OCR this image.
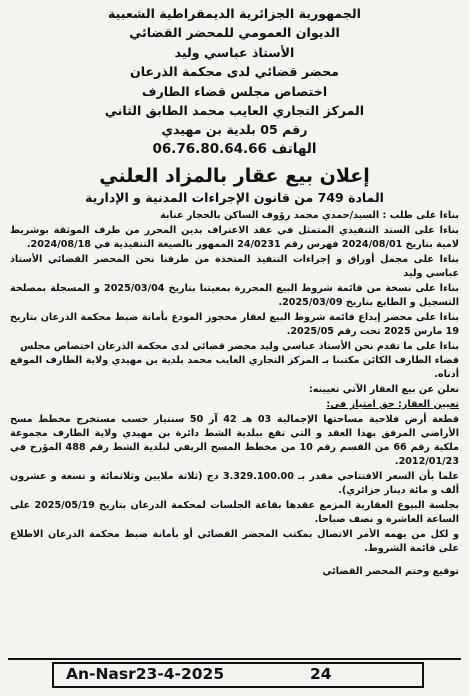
الجمهورية الجزائرية الديمقراطية الشعبية
الديوان العمومي للمحضر القضائي
الأستاذ عباسي وليد
محضر قضائي لدى محكمة الذرعان
اختصاص مجلس قضاء الطارف
المركز التجاري العايب محمد الطابق الثاني
رقم 05 بلدية بن مهيدي
الهاتف 06.76.80.64.66
إعلان بيع عقار بالمزاد العلني
المادة 749 من قانون الإجراءات المدنية و الإدارية

بناءا على طلب : السيد/حمدي محمد رؤوف الساكن بالحجار عنابة

بناءا على السند التنفيذي المتمثل في عقد الاعتراف بدين المحرر من طرف الموثقة بوشريط لامية بتاريخ 2024/08/01 فهرس رقم 24/0231 الممهور بالصيغة التنفيذية في 2024/08/18.

بناءا على مجمل أوراق و إجراءات التنفيذ المتخذة من طرفنا نحن المحضر القضائي الأستاذ عباسي وليد

بناءا على نسخة من قائمة شروط البيع المحررة بمعيتنا بتاريخ 2025/03/04 و المسجلة بمصلحة التسجيل و الطابع بتاريخ 2025/03/09.

بناءا على محضر إيداع قائمة شروط البيع لعقار محجوز المودع بأمانة ضبط محكمة الذرعان بتاريخ 19 مارس 2025 تحت رقم 2025/05.

بناءا على ما تقدم نحن الأستاذ عباسي وليد محضر قضائي لدى محكمة الذرعان اختصاص مجلس

قضاء الطارف الكائن مكتبنا بـ المركز التجاري العايب محمد بلدية بن مهيدي ولاية الطارف الموقع أدناه.

نعلن عن بيع العقار الآتي تعيينه:

تعيين العقار: حق امتياز في:

قطعة أرض فلاحية مساحتها الإجمالية 03 هـ 42 آر 50 سنتيار حسب مستخرج مخطط مسح الأراضي المرفق بهذا العقد و التي تقع ببلدية الشط دائرة بن مهيدي ولاية الطارف مجموعة ملكية رقم 66 من القسم رقم 10 من مخطط المسح الريفي لبلدية الشط رقم 488 المؤرخ في 2012/01/23.

علما بأن السعر الافتتاحي مقدر بـ 3.329.100.00 دج (ثلاثة ملايين وثلاثمائة و تسعة و عشرون ألف و مائة دينار جزائري).

بجلسة البيوع العقارية المزمع عقدها بقاعة الجلسات لمحكمة الذرعان بتاريخ 2025/05/19 على الساعة العاشرة و نصف صباحا.

و لكل من يهمه الأمر الاتصال بمكتب المحضر القضائي أو بأمانة ضبط محكمة الذرعان الاطلاع على قائمة الشروط.

توقيع وختم المحضر القضائي
An-Nasr23-4-2025	24
